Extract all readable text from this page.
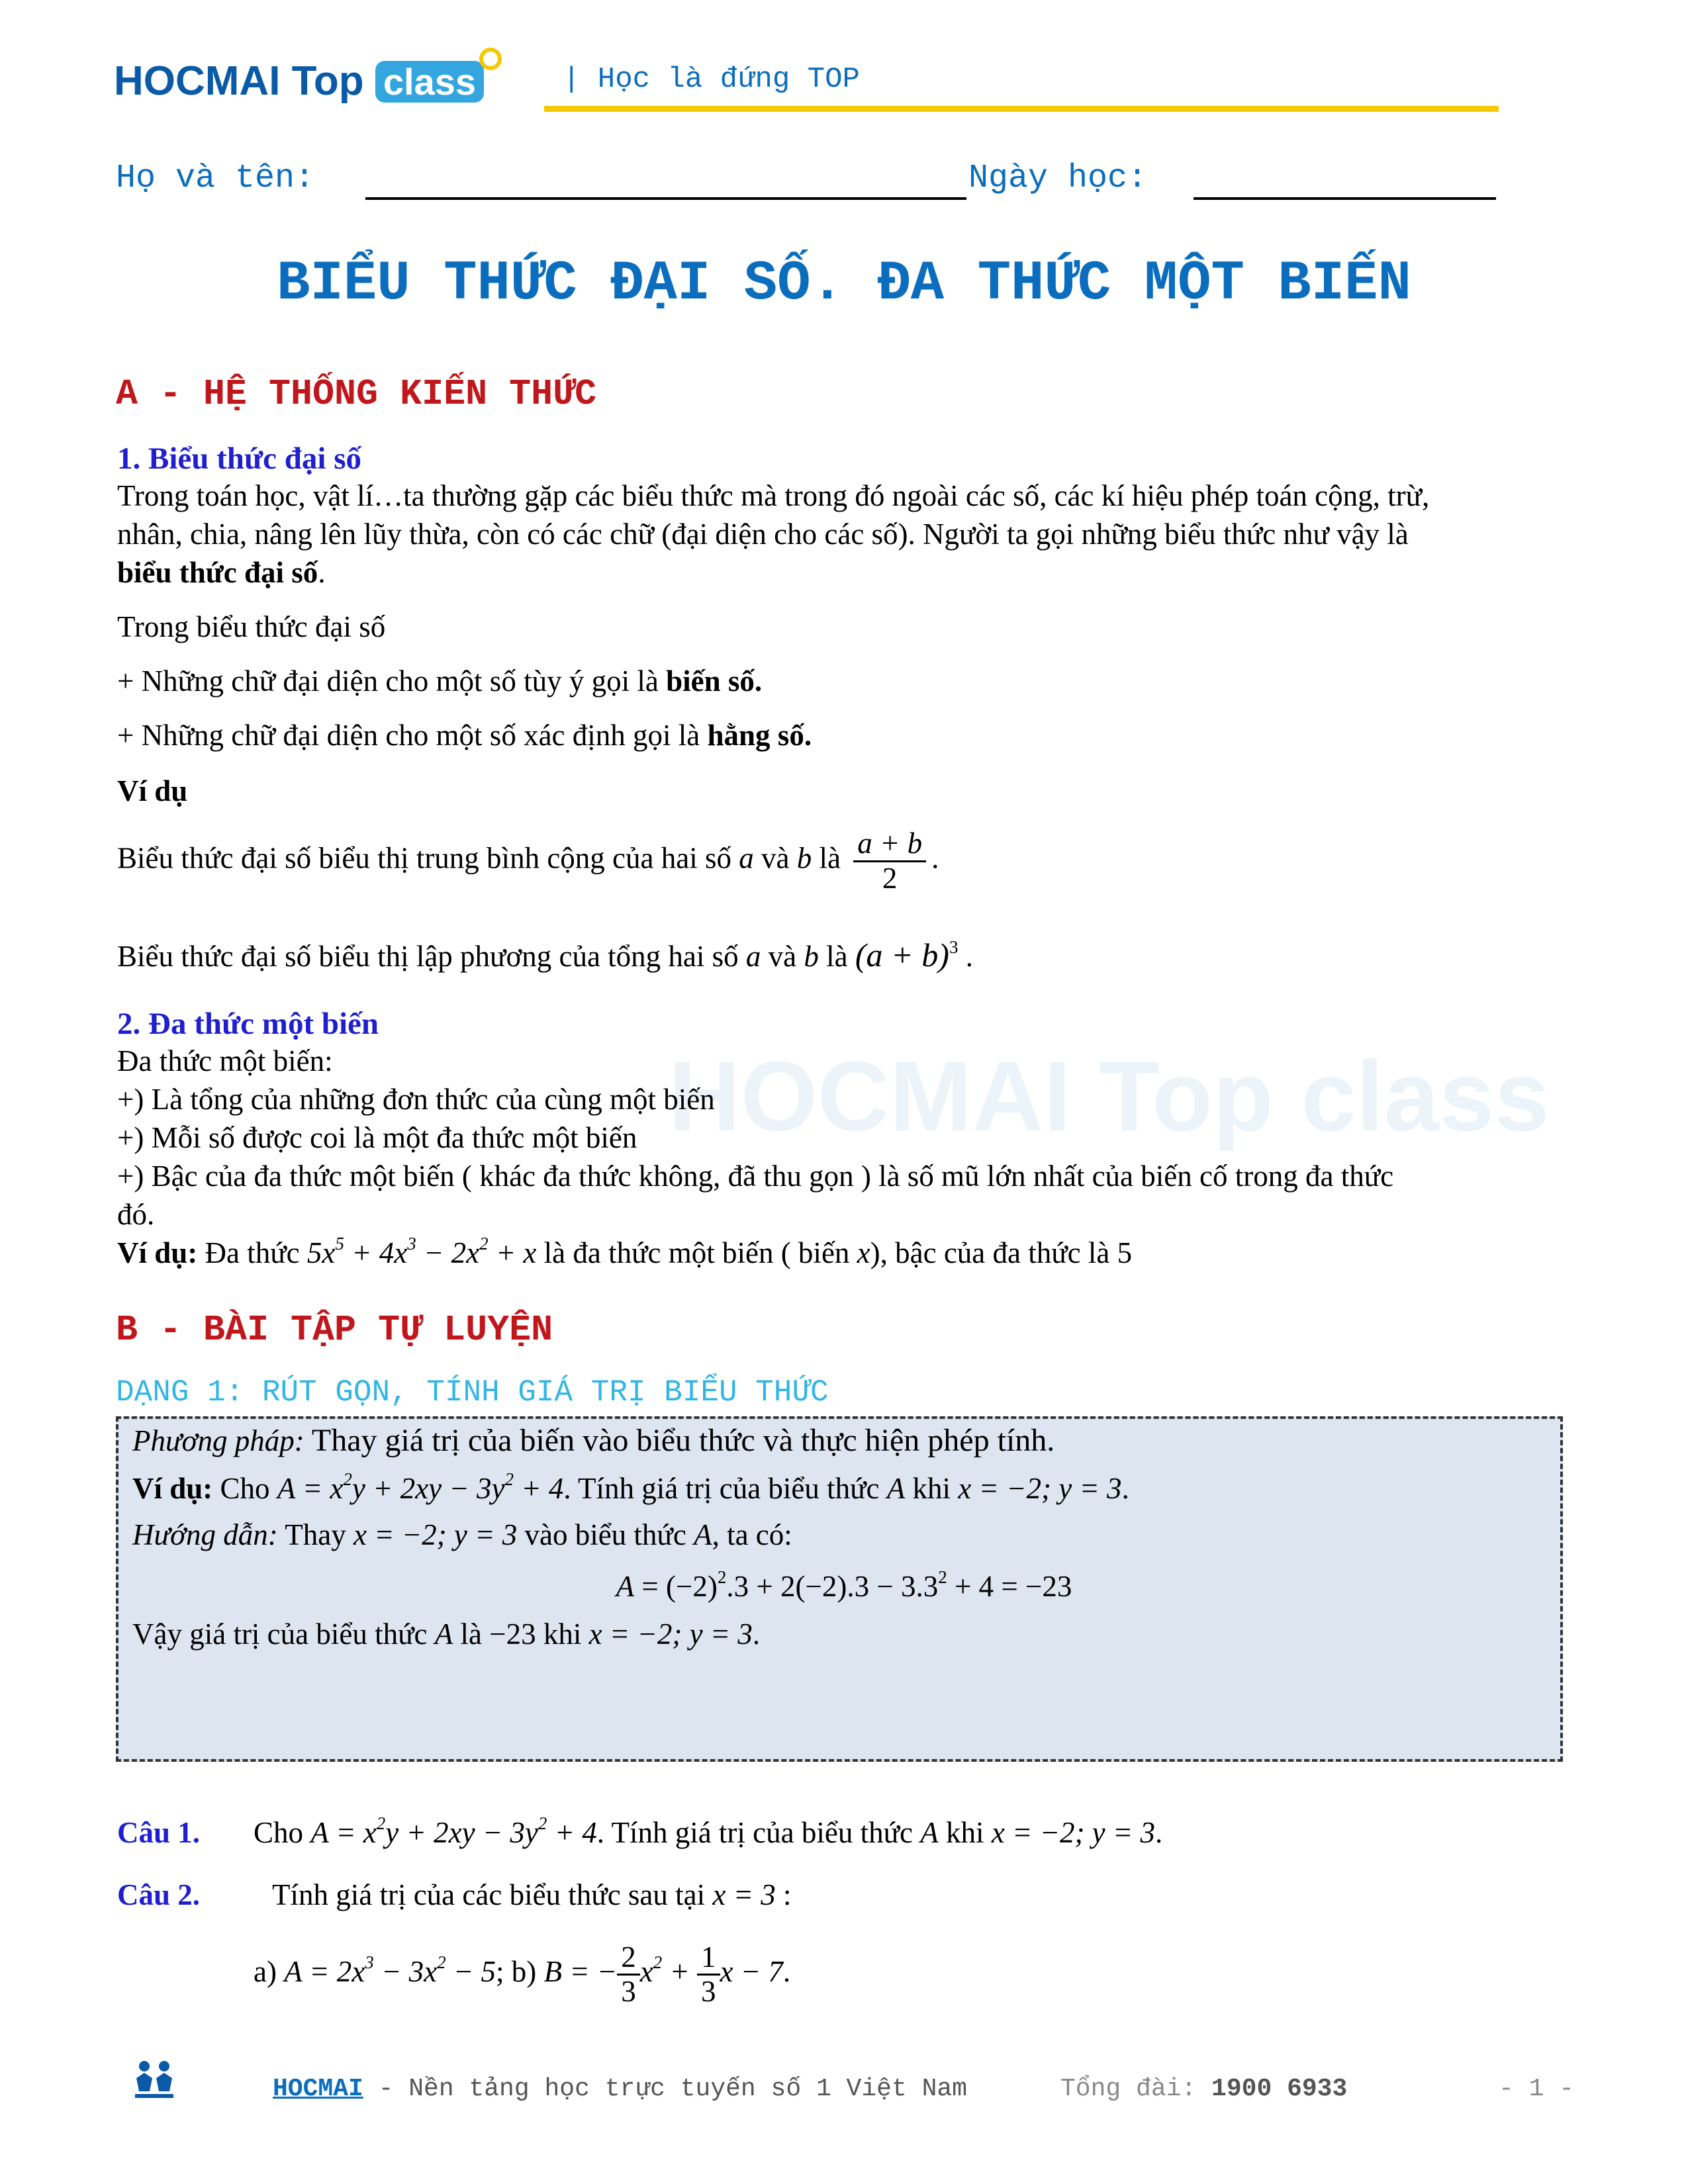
HOCMAI Top class	| Học là đứng TOP
Họ và tên:	Ngày học:
BIỂU THỨC ĐẠI SỐ. ĐA THỨC MỘT BIẾN
A - HỆ THỐNG KIẾN THỨC
1. Biểu thức đại số
Trong toán học, vật lí…ta thường gặp các biểu thức mà trong đó ngoài các số, các kí hiệu phép toán cộng, trừ,
nhân, chia, nâng lên lũy thừa, còn có các chữ (đại diện cho các số). Người ta gọi những biểu thức như vậy là
biểu thức đại số.
Trong biểu thức đại số
+ Những chữ đại diện cho một số tùy ý gọi là biến số.
+ Những chữ đại diện cho một số xác định gọi là hằng số.
Ví dụ
Biểu thức đại số biểu thị trung bình cộng của hai số a và b là $\frac{a + b}{2}$ .
Biểu thức đại số biểu thị lập phương của tổng hai số a và b là $(a + b)^3$ .
2. Đa thức một biến
HOCMAI Top class
Đa thức một biến:
+) Là tổng của những đơn thức của cùng một biến
+) Mỗi số được coi là một đa thức một biến
+) Bậc của đa thức một biến ( khác đa thức không, đã thu gọn ) là số mũ lớn nhất của biến cố trong đa thức
đó.
Ví dụ: Đa thức $5x^5 + 4x^3 - 2x^2 + x$ là đa thức một biến ( biến x), bậc của đa thức là 5
B - BÀI TẬP TỰ LUYỆN
DẠNG 1: RÚT GỌN, TÍNH GIÁ TRỊ BIỂU THỨC
Phương pháp: Thay giá trị của biến vào biểu thức và thực hiện phép tính.
Ví dụ: Cho $A = x^2y + 2xy - 3y^2 + 4$. Tính giá trị của biểu thức A khi x = −2; y = 3.
Hướng dẫn: Thay x = −2; y = 3 vào biểu thức A, ta có:
$A = (-2)^2.3 + 2(-2).3 - 3.3^2 + 4 = -23$
Vậy giá trị của biểu thức A là −23 khi x = −2; y = 3.
Câu 1. Cho $A = x^2y + 2xy - 3y^2 + 4$. Tính giá trị của biểu thức A khi x = −2; y = 3.
Câu 2. Tính giá trị của các biểu thức sau tại x = 3 :
a) $A = 2x^3 - 3x^2 - 5$; b) B = − $\frac{2}{3} x^2 + \frac{1}{3}$ x − 7.
HOCMAI - Nền tảng học trực tuyến số 1 Việt Nam	Tổng đài: 1900 6933	- 1 -
